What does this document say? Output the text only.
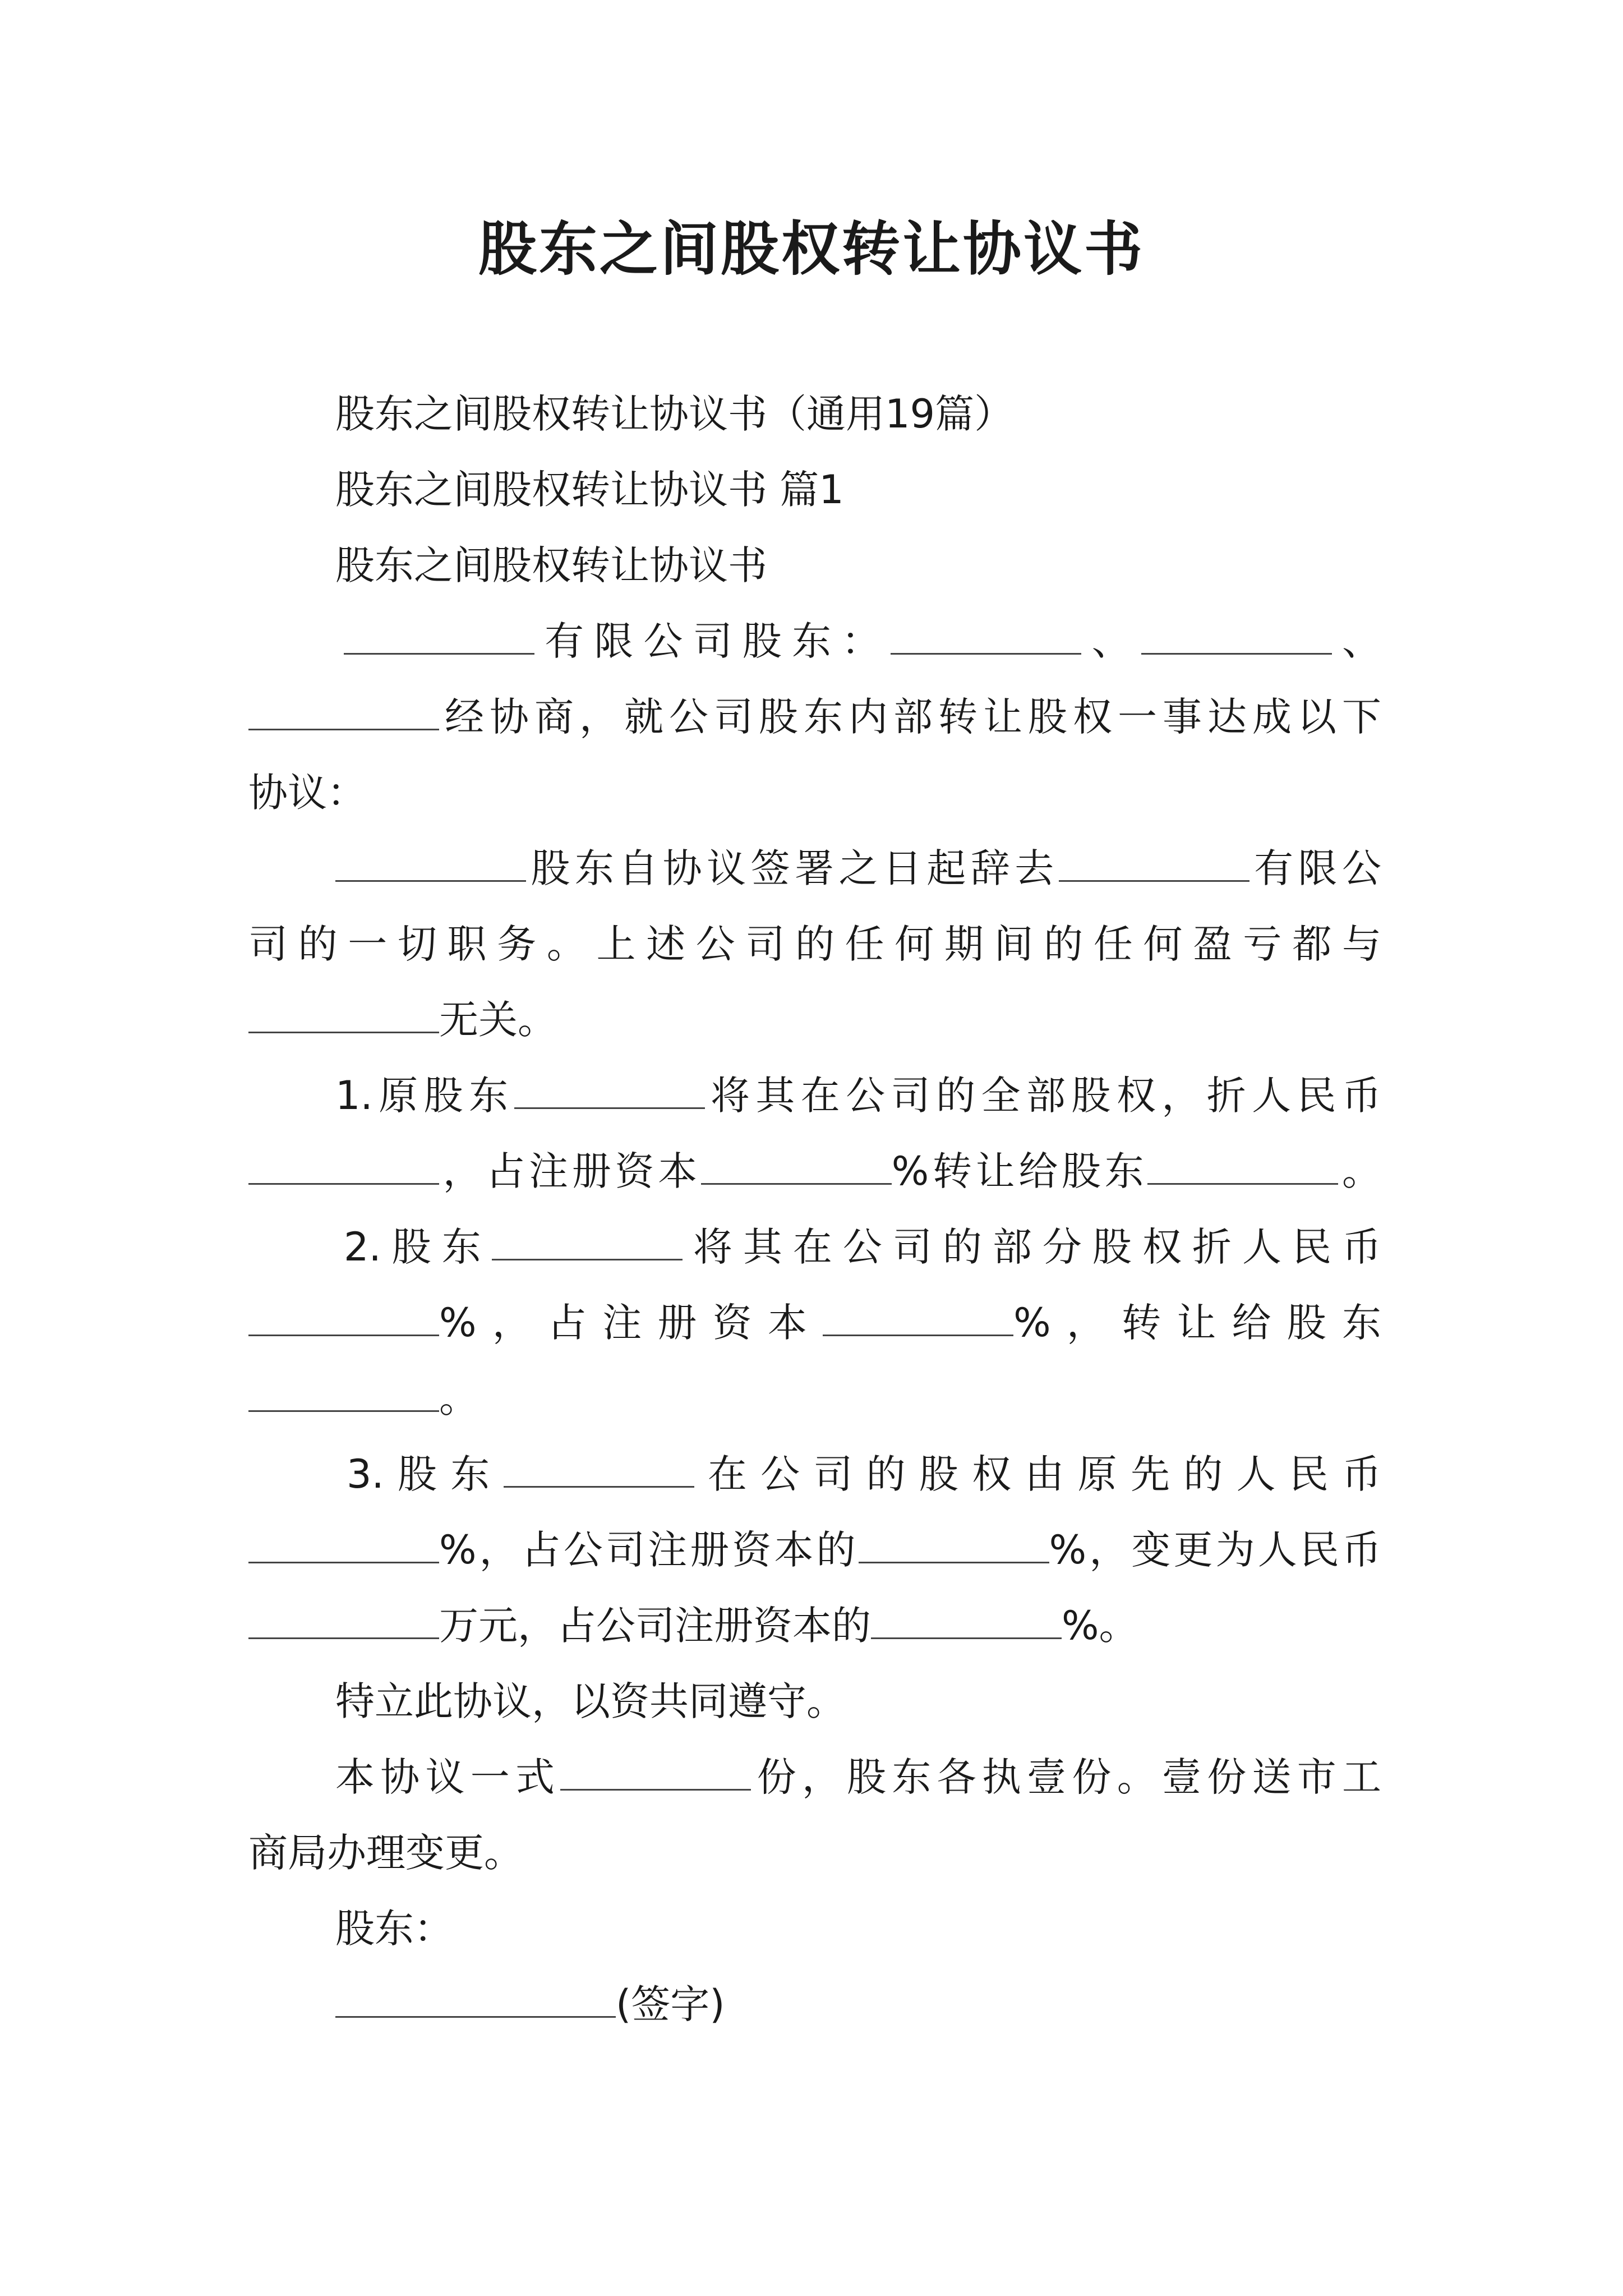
股东之间股权转让协议书
股东之间股权转让协议书（通用19篇）
股东之间股权转让协议书 篇1
股东之间股权转让协议书
有限公司股东：	、	、
经协商，就公司股东内部转让股权一事达成以下
协议：
股东自协议签署之日起辞去	有限公
司的一切职务。上述公司的任何期间的任何盈亏都与
无关。
1.原股东	将其在公司的全部股权，折人民币
，占注册资本	%转让给股东	。
2.股东	将其在公司的部分股权折人民币
%，占注册资本	%，转让给股东
。
3.股东	在公司的股权由原先的人民币
%，占公司注册资本的	%，变更为人民币
万元，占公司注册资本的	%。
特立此协议，以资共同遵守。
本协议一式	份，股东各执壹份。壹份送市工
商局办理变更。
股东：
(签字)
